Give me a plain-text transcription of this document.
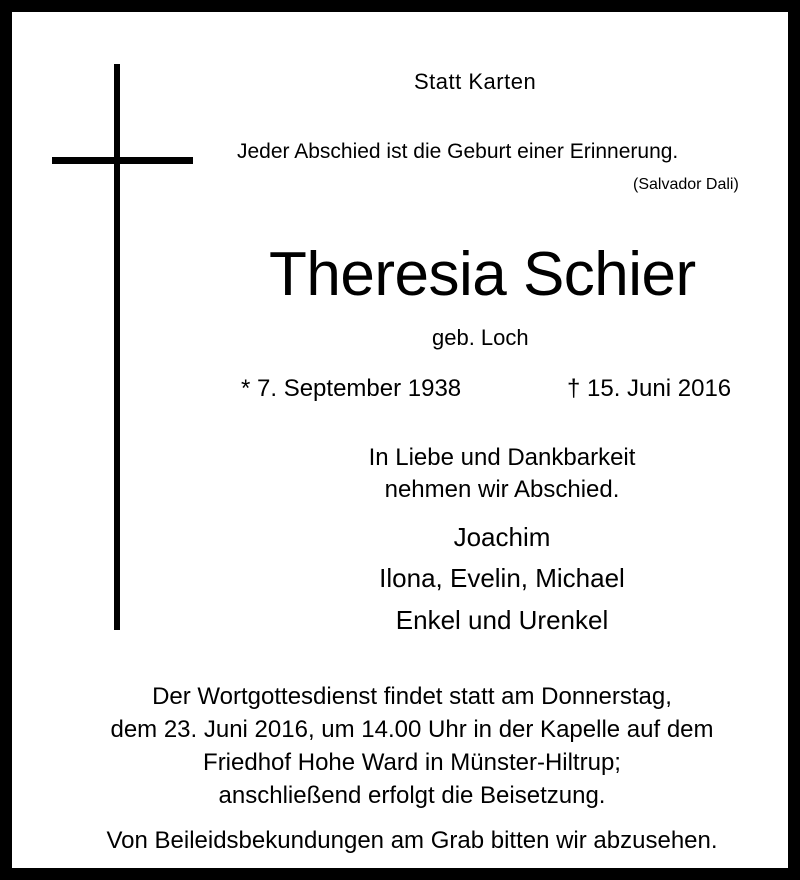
Statt Karten

Jeder Abschied ist die Geburt einer Erinnerung.

(Salvador Dali)

Theresia Schier

geb. Loch

* 7. September 1938	† 15. Juni 2016

In Liebe und Dankbarkeit
nehmen wir Abschied.

Joachim

Ilona, Evelin, Michael

Enkel und Urenkel

Der Wortgottesdienst findet statt am Donnerstag,
dem 23. Juni 2016, um 14.00 Uhr in der Kapelle auf dem
Friedhof Hohe Ward in Münster-Hiltrup;
anschließend erfolgt die Beisetzung.

Von Beileidsbekundungen am Grab bitten wir abzusehen.
